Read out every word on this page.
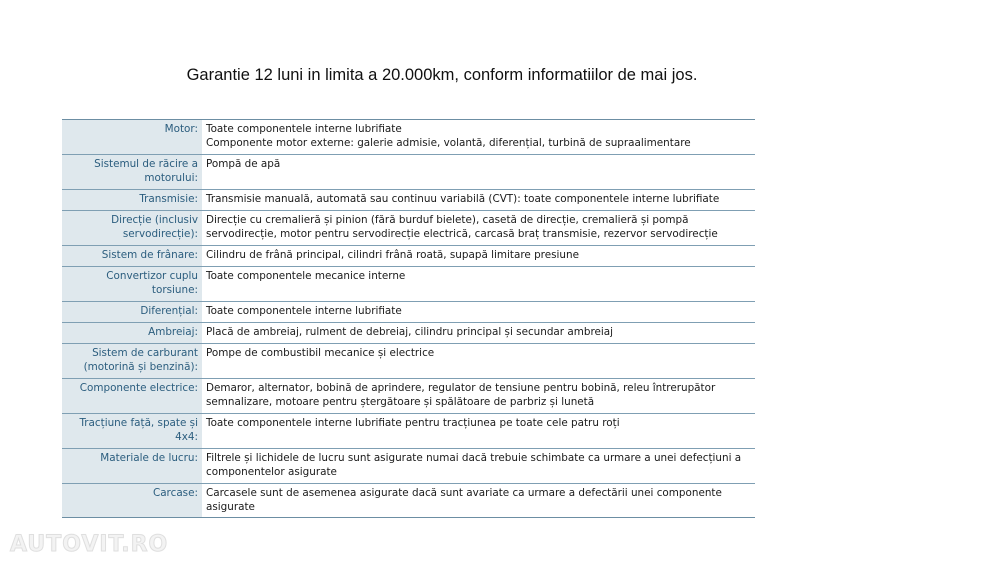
Garantie 12 luni in limita a 20.000km, conform informatiilor de mai jos.
Motor:	Toate componentele interne lubrifiate
Componente motor externe: galerie admisie, volantă, diferențial, turbină de supraalimentare
Sistemul de răcire a motorului:	Pompă de apă
Transmisie:	Transmisie manuală, automată sau continuu variabilă (CVT): toate componentele interne lubrifiate
Direcție (inclusiv servodirecție):	Direcție cu cremalieră și pinion (fără burduf bielete), casetă de direcție, cremalieră și pompă servodirecție, motor pentru servodirecție electrică, carcasă braț transmisie, rezervor servodirecție
Sistem de frânare:	Cilindru de frână principal, cilindri frână roată, supapă limitare presiune
Convertizor cuplu torsiune:	Toate componentele mecanice interne
Diferențial:	Toate componentele interne lubrifiate
Ambreiaj:	Placă de ambreiaj, rulment de debreiaj, cilindru principal și secundar ambreiaj
Sistem de carburant (motorină și benzină):	Pompe de combustibil mecanice și electrice
Componente electrice:	Demaror, alternator, bobină de aprindere, regulator de tensiune pentru bobină, releu întrerupător semnalizare, motoare pentru ștergătoare și spălătoare de parbriz și lunetă
Tracțiune față, spate și 4x4:	Toate componentele interne lubrifiate pentru tracțiunea pe toate cele patru roți
Materiale de lucru:	Filtrele și lichidele de lucru sunt asigurate numai dacă trebuie schimbate ca urmare a unei defecțiuni a componentelor asigurate
Carcase:	Carcasele sunt de asemenea asigurate dacă sunt avariate ca urmare a defectării unei componente asigurate
AUTOVIT.RO
